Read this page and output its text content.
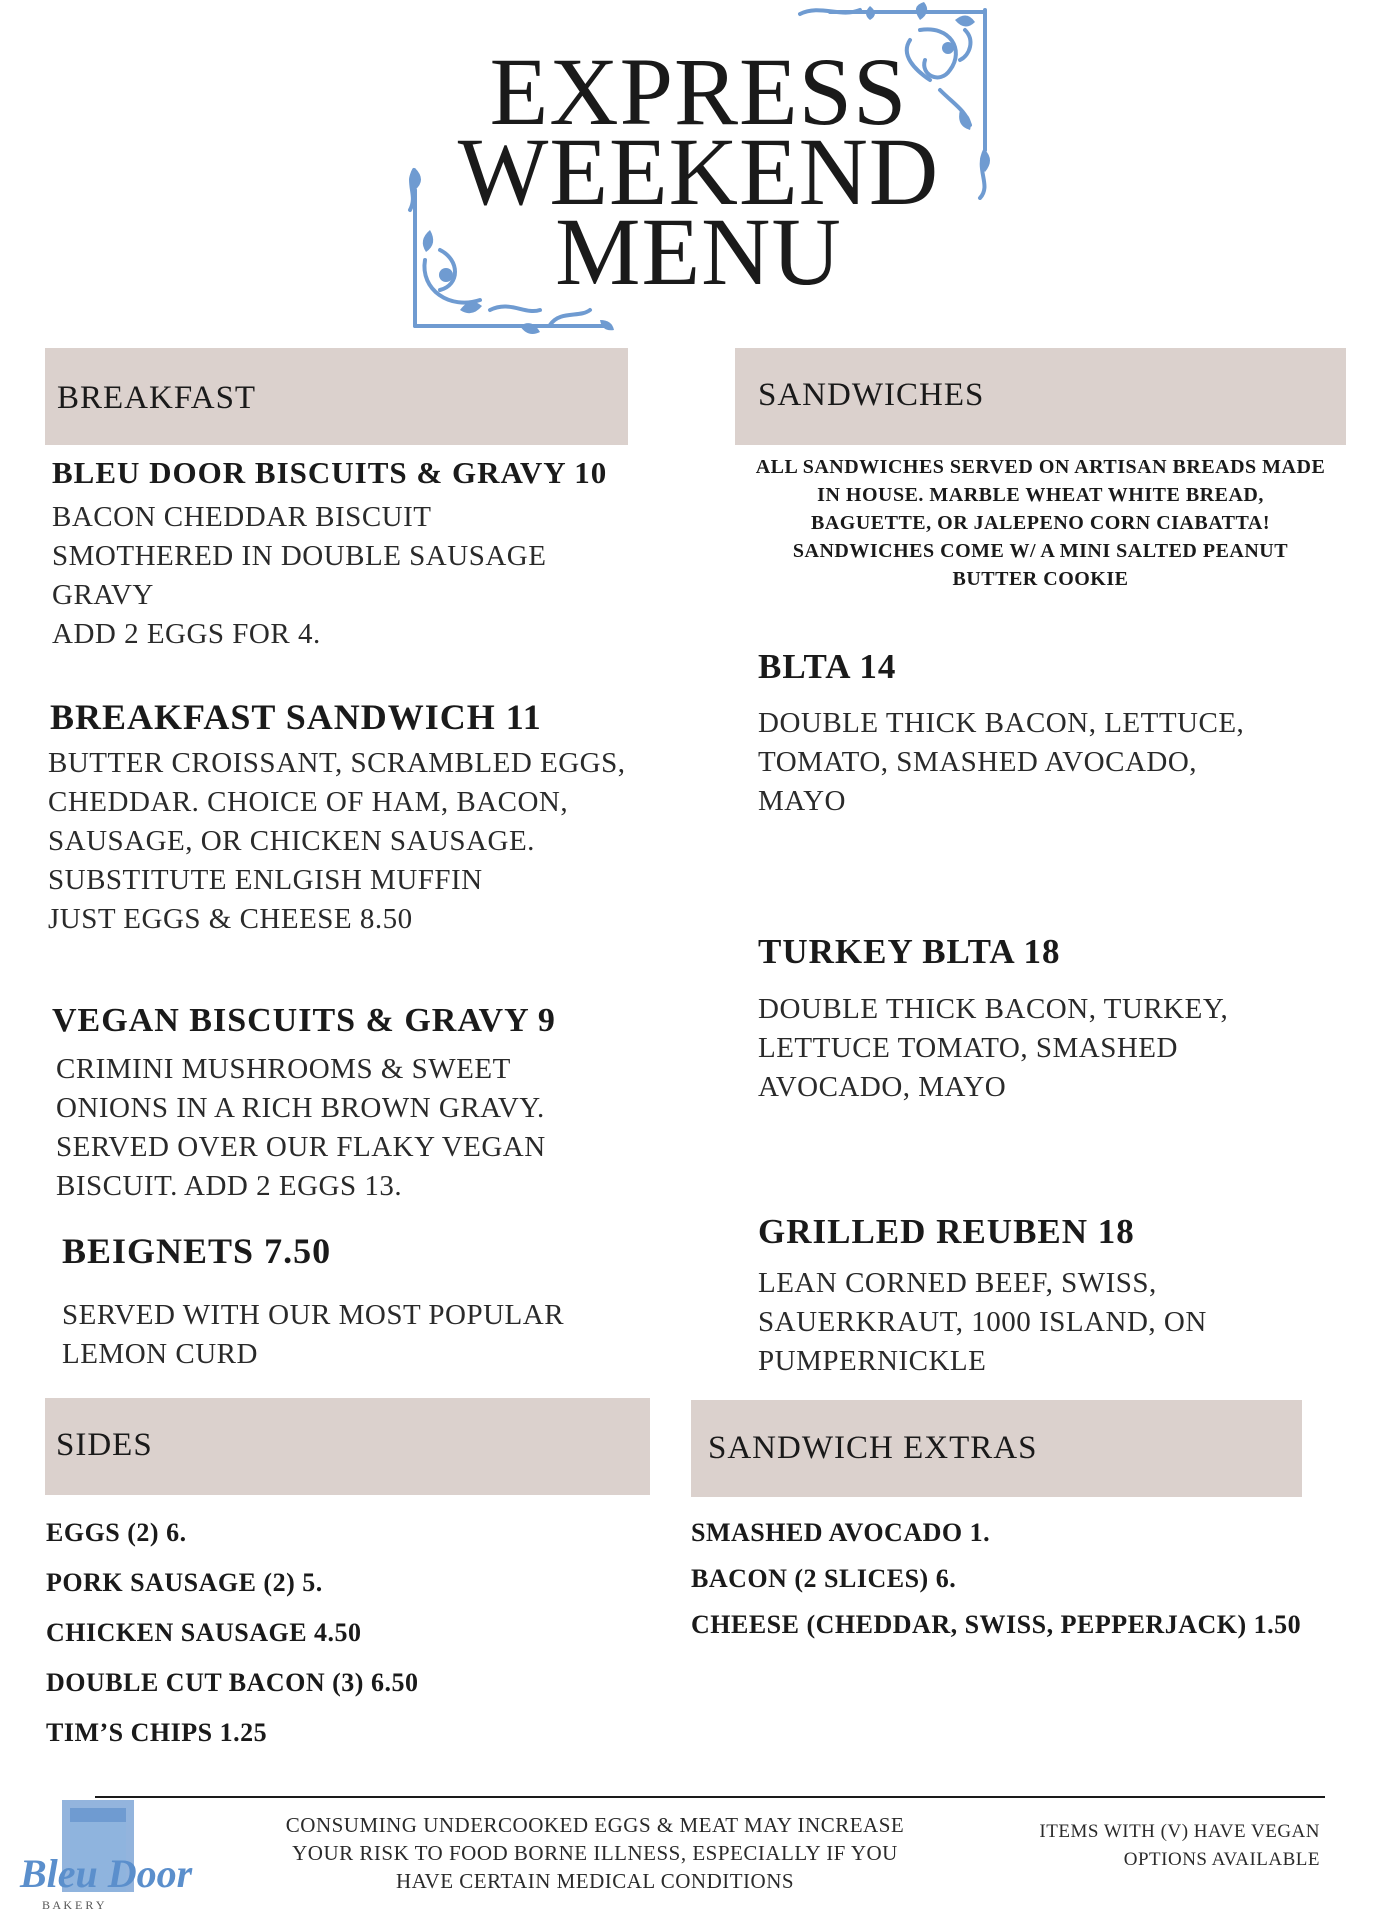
EXPRESS
WEEKEND
MENU
BREAKFAST
BLEU DOOR BISCUITS & GRAVY 10
BACON CHEDDAR BISCUIT
SMOTHERED IN DOUBLE SAUSAGE
GRAVY
ADD 2 EGGS FOR 4.
BREAKFAST SANDWICH 11
BUTTER CROISSANT, SCRAMBLED EGGS,
CHEDDAR. CHOICE OF HAM, BACON,
SAUSAGE, OR CHICKEN SAUSAGE.
SUBSTITUTE ENLGISH MUFFIN
JUST EGGS & CHEESE 8.50
VEGAN BISCUITS & GRAVY 9
CRIMINI MUSHROOMS & SWEET
ONIONS IN A RICH BROWN GRAVY.
SERVED OVER OUR FLAKY VEGAN
BISCUIT. ADD 2 EGGS 13.
BEIGNETS 7.50
SERVED WITH OUR MOST POPULAR
LEMON CURD
SANDWICHES
ALL SANDWICHES SERVED ON ARTISAN BREADS MADE
IN HOUSE. MARBLE WHEAT WHITE BREAD,
BAGUETTE, OR JALEPENO CORN CIABATTA!
SANDWICHES COME W/ A MINI SALTED PEANUT
BUTTER COOKIE
BLTA 14
DOUBLE THICK BACON, LETTUCE,
TOMATO, SMASHED AVOCADO,
MAYO
TURKEY BLTA 18
DOUBLE THICK BACON, TURKEY,
LETTUCE TOMATO, SMASHED
AVOCADO, MAYO
GRILLED REUBEN 18
LEAN CORNED BEEF, SWISS,
SAUERKRAUT, 1000 ISLAND, ON
PUMPERNICKLE
SIDES
EGGS (2) 6.
PORK SAUSAGE (2) 5.
CHICKEN SAUSAGE 4.50
DOUBLE CUT BACON (3) 6.50
TIM’S CHIPS 1.25
SANDWICH EXTRAS
SMASHED AVOCADO 1.
BACON (2 SLICES) 6.
CHEESE (CHEDDAR, SWISS, PEPPERJACK) 1.50
Bleu Door
B A K E R Y
CONSUMING UNDERCOOKED EGGS & MEAT MAY INCREASE
YOUR RISK TO FOOD BORNE ILLNESS, ESPECIALLY IF YOU
HAVE CERTAIN MEDICAL CONDITIONS
ITEMS WITH (V) HAVE VEGAN
OPTIONS AVAILABLE
